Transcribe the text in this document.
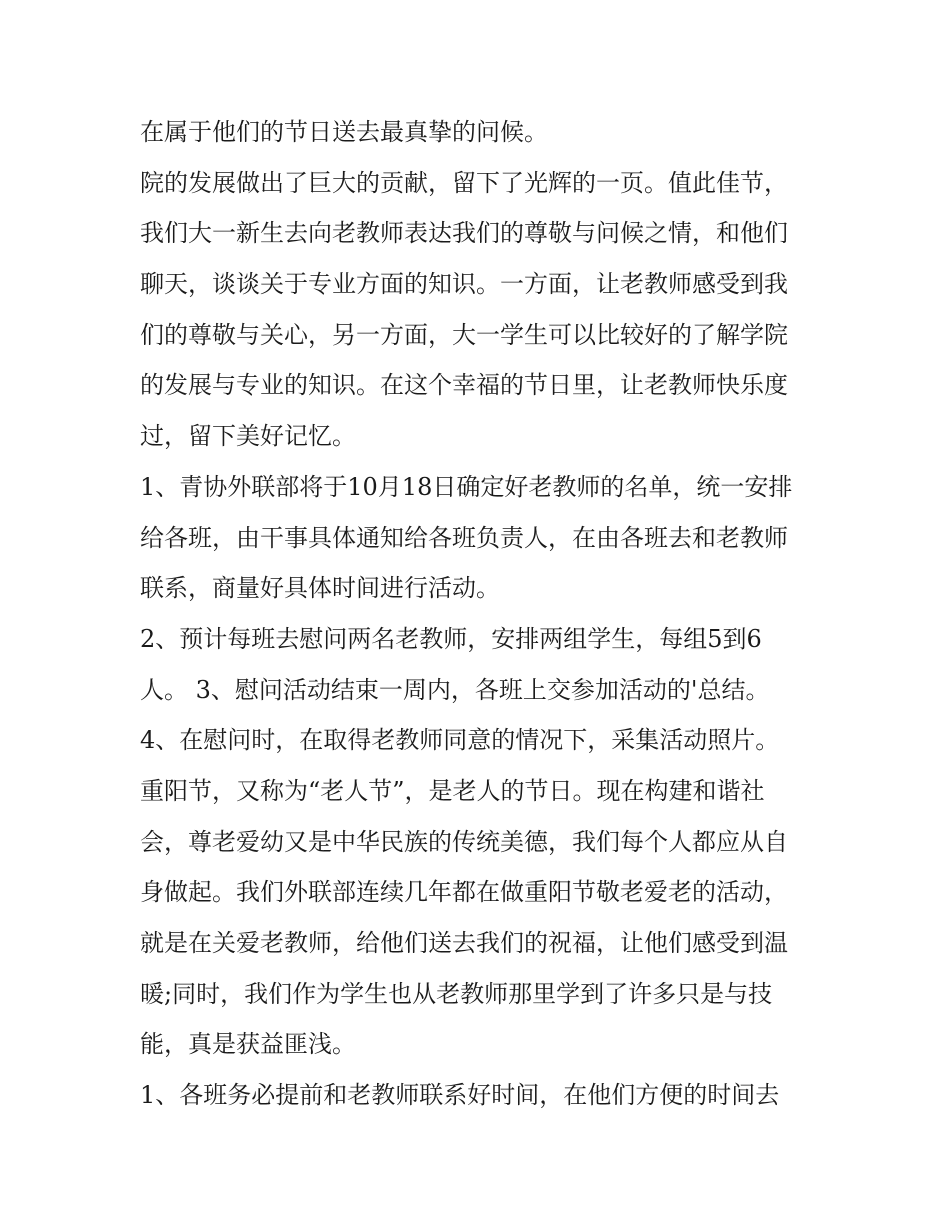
在属于他们的节日送去最真挚的问候。
院的发展做出了巨大的贡献，留下了光辉的一页。值此佳节，
我们大一新生去向老教师表达我们的尊敬与问候之情，和他们
聊天，谈谈关于专业方面的知识。一方面，让老教师感受到我
们的尊敬与关心，另一方面，大一学生可以比较好的了解学院
的发展与专业的知识。在这个幸福的节日里，让老教师快乐度
过，留下美好记忆。
1、青协外联部将于10月18日确定好老教师的名单，统一安排
给各班，由干事具体通知给各班负责人，在由各班去和老教师
联系，商量好具体时间进行活动。
2、预计每班去慰问两名老教师，安排两组学生，每组5到6
人。 3、慰问活动结束一周内，各班上交参加活动的'总结。
4、在慰问时，在取得老教师同意的情况下，采集活动照片。
重阳节，又称为“老人节”，是老人的节日。现在构建和谐社
会，尊老爱幼又是中华民族的传统美德，我们每个人都应从自
身做起。我们外联部连续几年都在做重阳节敬老爱老的活动，
就是在关爱老教师，给他们送去我们的祝福，让他们感受到温
暖;同时，我们作为学生也从老教师那里学到了许多只是与技
能，真是获益匪浅。
1、各班务必提前和老教师联系好时间，在他们方便的时间去
